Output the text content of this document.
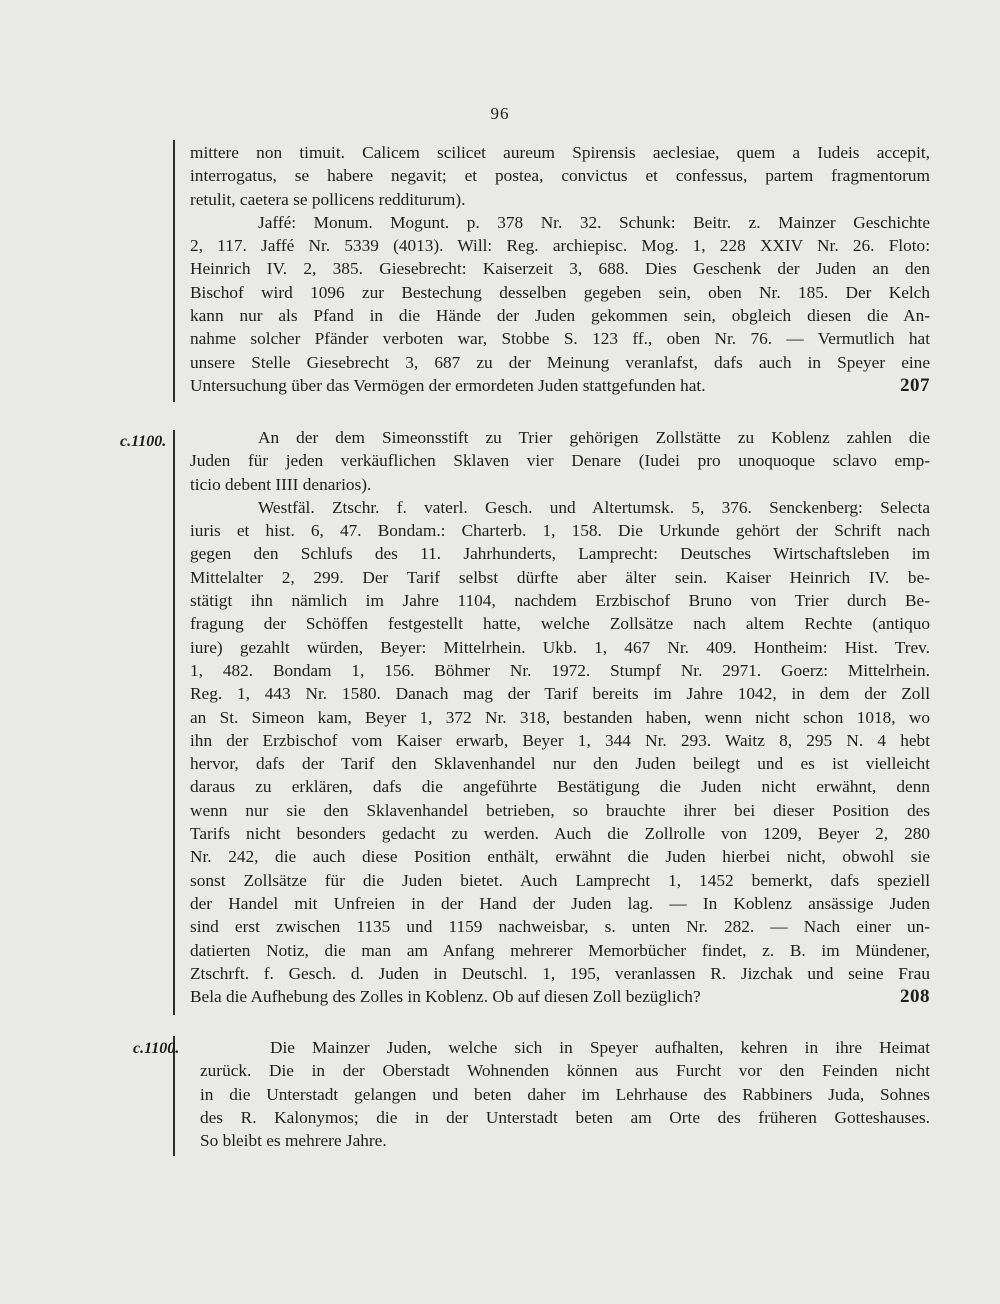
96
mittere non timuit. Calicem scilicet aureum Spirensis aeclesiae, quem a Iudeis accepit,
interrogatus, se habere negavit; et postea, convictus et confessus, partem fragmentorum
retulit, caetera se pollicens redditurum).
Jaffé: Monum. Mogunt. p. 378 Nr. 32. Schunk: Beitr. z. Mainzer Geschichte
2, 117. Jaffé Nr. 5339 (4013). Will: Reg. archiepisc. Mog. 1, 228 XXIV Nr. 26. Floto:
Heinrich IV. 2, 385. Giesebrecht: Kaiserzeit 3, 688. Dies Geschenk der Juden an den
Bischof wird 1096 zur Bestechung desselben gegeben sein, oben Nr. 185. Der Kelch
kann nur als Pfand in die Hände der Juden gekommen sein, obgleich diesen die An-
nahme solcher Pfänder verboten war, Stobbe S. 123 ff., oben Nr. 76. — Vermutlich hat
unsere Stelle Giesebrecht 3, 687 zu der Meinung veranlafst, dafs auch in Speyer eine
Untersuchung über das Vermögen der ermordeten Juden stattgefunden hat.	207
c.1100.	An der dem Simeonsstift zu Trier gehörigen Zollstätte zu Koblenz zahlen die
Juden für jeden verkäuflichen Sklaven vier Denare (Iudei pro unoquoque sclavo emp-
ticio debent IIII denarios).
Westfäl. Ztschr. f. vaterl. Gesch. und Altertumsk. 5, 376. Senckenberg: Selecta
iuris et hist. 6, 47. Bondam.: Charterb. 1, 158. Die Urkunde gehört der Schrift nach
gegen den Schlufs des 11. Jahrhunderts, Lamprecht: Deutsches Wirtschaftsleben im
Mittelalter 2, 299. Der Tarif selbst dürfte aber älter sein. Kaiser Heinrich IV. be-
stätigt ihn nämlich im Jahre 1104, nachdem Erzbischof Bruno von Trier durch Be-
fragung der Schöffen festgestellt hatte, welche Zollsätze nach altem Rechte (antiquo
iure) gezahlt würden, Beyer: Mittelrhein. Ukb. 1, 467 Nr. 409. Hontheim: Hist. Trev.
1, 482. Bondam 1, 156. Böhmer Nr. 1972. Stumpf Nr. 2971. Goerz: Mittelrhein.
Reg. 1, 443 Nr. 1580. Danach mag der Tarif bereits im Jahre 1042, in dem der Zoll
an St. Simeon kam, Beyer 1, 372 Nr. 318, bestanden haben, wenn nicht schon 1018, wo
ihn der Erzbischof vom Kaiser erwarb, Beyer 1, 344 Nr. 293. Waitz 8, 295 N. 4 hebt
hervor, dafs der Tarif den Sklavenhandel nur den Juden beilegt und es ist vielleicht
daraus zu erklären, dafs die angeführte Bestätigung die Juden nicht erwähnt, denn
wenn nur sie den Sklavenhandel betrieben, so brauchte ihrer bei dieser Position des
Tarifs nicht besonders gedacht zu werden. Auch die Zollrolle von 1209, Beyer 2, 280
Nr. 242, die auch diese Position enthält, erwähnt die Juden hierbei nicht, obwohl sie
sonst Zollsätze für die Juden bietet. Auch Lamprecht 1, 1452 bemerkt, dafs speziell
der Handel mit Unfreien in der Hand der Juden lag. — In Koblenz ansässige Juden
sind erst zwischen 1135 und 1159 nachweisbar, s. unten Nr. 282. — Nach einer un-
datierten Notiz, die man am Anfang mehrerer Memorbücher findet, z. B. im Mündener,
Ztschrft. f. Gesch. d. Juden in Deutschl. 1, 195, veranlassen R. Jizchak und seine Frau
Bela die Aufhebung des Zolles in Koblenz. Ob auf diesen Zoll bezüglich?	208
c.1100.	Die Mainzer Juden, welche sich in Speyer aufhalten, kehren in ihre Heimat
zurück. Die in der Oberstadt Wohnenden können aus Furcht vor den Feinden nicht
in die Unterstadt gelangen und beten daher im Lehrhause des Rabbiners Juda, Sohnes
des R. Kalonymos; die in der Unterstadt beten am Orte des früheren Gotteshauses.
So bleibt es mehrere Jahre.
